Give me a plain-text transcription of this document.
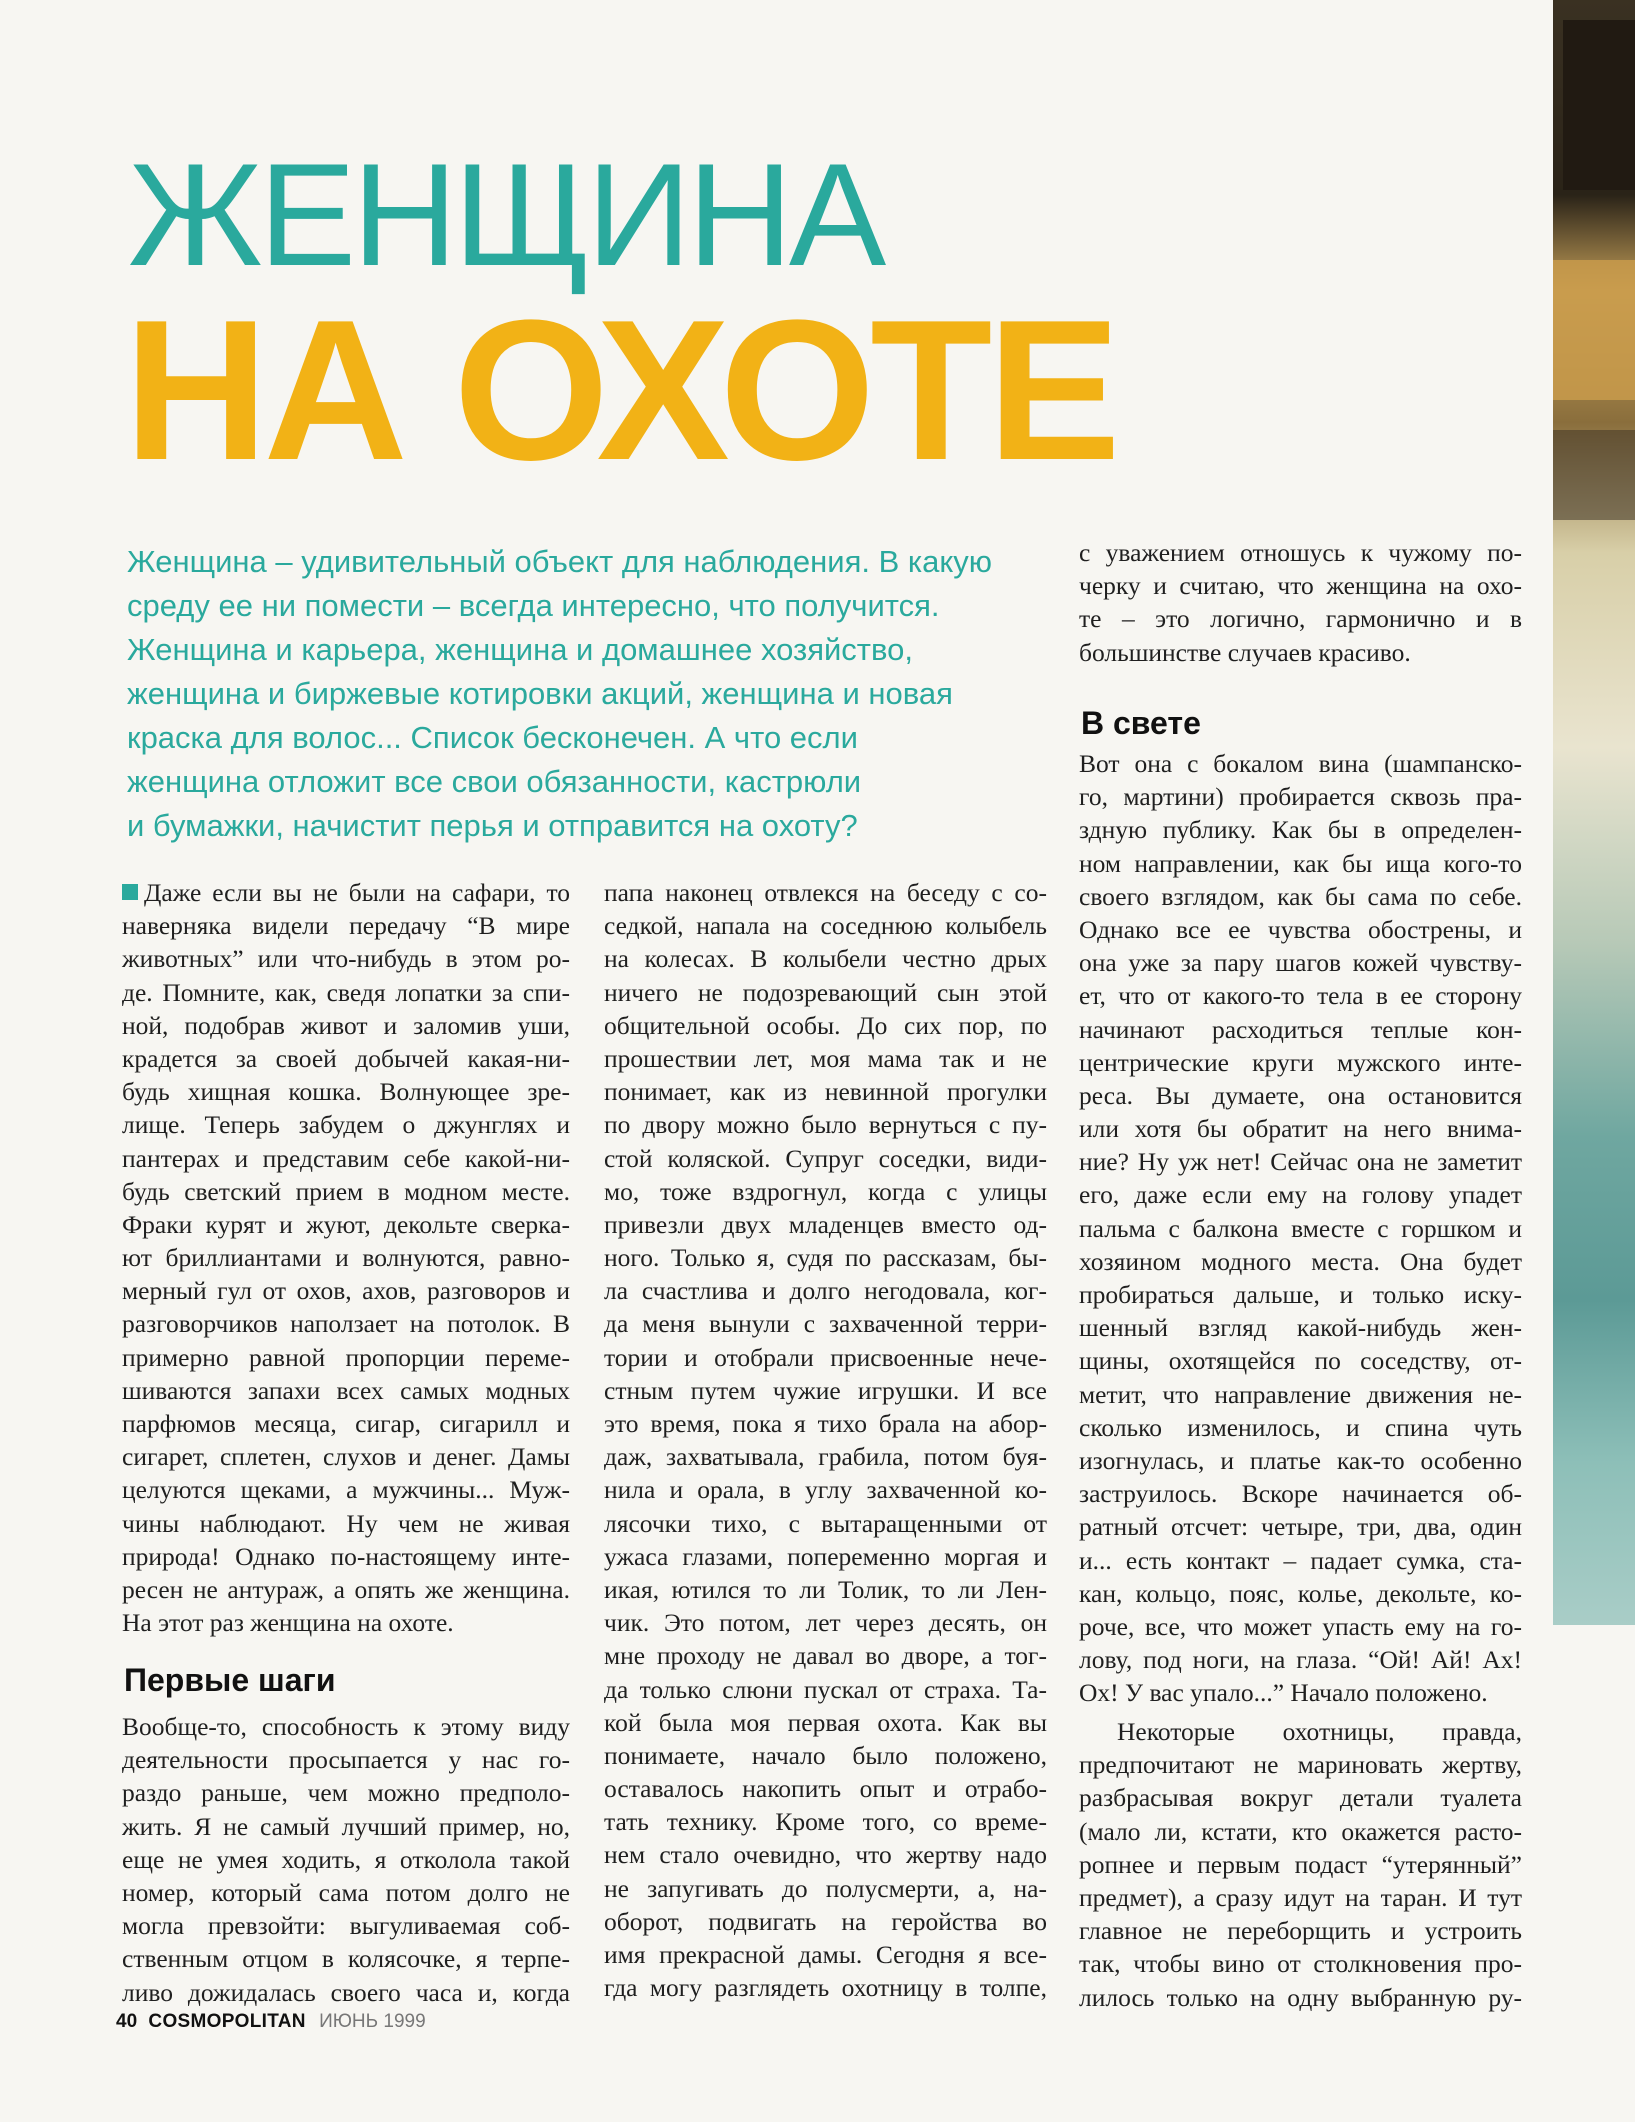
ЖЕНЩИНА
НА ОХОТЕ
Женщина – удивительный объект для наблюдения. В какую
среду ее ни помести – всегда интересно, что получится.
Женщина и карьера, женщина и домашнее хозяйство,
женщина и биржевые котировки акций, женщина и новая
краска для волос... Список бесконечен. А что если
женщина отложит все свои обязанности, кастрюли
и бумажки, начистит перья и отправится на охоту?
Даже если вы не были на сафари, то
наверняка видели передачу “В мире
животных” или что-нибудь в этом ро-
де. Помните, как, сведя лопатки за спи-
ной, подобрав живот и заломив уши,
крадется за своей добычей какая-ни-
будь хищная кошка. Волнующее зре-
лище. Теперь забудем о джунглях и
пантерах и представим себе какой-ни-
будь светский прием в модном месте.
Фраки курят и жуют, декольте сверка-
ют бриллиантами и волнуются, равно-
мерный гул от охов, ахов, разговоров и
разговорчиков наползает на потолок. В
примерно равной пропорции переме-
шиваются запахи всех самых модных
парфюмов месяца, сигар, сигарилл и
сигарет, сплетен, слухов и денег. Дамы
целуются щеками, а мужчины... Муж-
чины наблюдают. Ну чем не живая
природа! Однако по-настоящему инте-
ресен не антураж, а опять же женщина.
На этот раз женщина на охоте.
Первые шаги
Вообще-то, способность к этому виду
деятельности просыпается у нас го-
раздо раньше, чем можно предполо-
жить. Я не самый лучший пример, но,
еще не умея ходить, я отколола такой
номер, который сама потом долго не
могла превзойти: выгуливаемая соб-
ственным отцом в колясочке, я терпе-
ливо дожидалась своего часа и, когда
папа наконец отвлекся на беседу с со-
седкой, напала на соседнюю колыбель
на колесах. В колыбели честно дрых
ничего не подозревающий сын этой
общительной особы. До сих пор, по
прошествии лет, моя мама так и не
понимает, как из невинной прогулки
по двору можно было вернуться с пу-
стой коляской. Супруг соседки, види-
мо, тоже вздрогнул, когда с улицы
привезли двух младенцев вместо од-
ного. Только я, судя по рассказам, бы-
ла счастлива и долго негодовала, ког-
да меня вынули с захваченной терри-
тории и отобрали присвоенные нече-
стным путем чужие игрушки. И все
это время, пока я тихо брала на абор-
даж, захватывала, грабила, потом буя-
нила и орала, в углу захваченной ко-
лясочки тихо, с вытаращенными от
ужаса глазами, попеременно моргая и
икая, ютился то ли Толик, то ли Лен-
чик. Это потом, лет через десять, он
мне проходу не давал во дворе, а тог-
да только слюни пускал от страха. Та-
кой была моя первая охота. Как вы
понимаете, начало было положено,
оставалось накопить опыт и отрабо-
тать технику. Кроме того, со време-
нем стало очевидно, что жертву надо
не запугивать до полусмерти, а, на-
оборот, подвигать на геройства во
имя прекрасной дамы. Сегодня я все-
гда могу разглядеть охотницу в толпе,
с уважением отношусь к чужому по-
черку и считаю, что женщина на охо-
те – это логично, гармонично и в
большинстве случаев красиво.
В свете
Вот она с бокалом вина (шампанско-
го, мартини) пробирается сквозь пра-
здную публику. Как бы в определен-
ном направлении, как бы ища кого-то
своего взглядом, как бы сама по себе.
Однако все ее чувства обострены, и
она уже за пару шагов кожей чувству-
ет, что от какого-то тела в ее сторону
начинают расходиться теплые кон-
центрические круги мужского инте-
реса. Вы думаете, она остановится
или хотя бы обратит на него внима-
ние? Ну уж нет! Сейчас она не заметит
его, даже если ему на голову упадет
пальма с балкона вместе с горшком и
хозяином модного места. Она будет
пробираться дальше, и только иску-
шенный взгляд какой-нибудь жен-
щины, охотящейся по соседству, от-
метит, что направление движения не-
сколько изменилось, и спина чуть
изогнулась, и платье как-то особенно
заструилось. Вскоре начинается об-
ратный отсчет: четыре, три, два, один
и... есть контакт – падает сумка, ста-
кан, кольцо, пояс, колье, декольте, ко-
роче, все, что может упасть ему на го-
лову, под ноги, на глаза. “Ой! Ай! Ах!
Ох! У вас упало...” Начало положено.
Некоторые охотницы, правда,
предпочитают не мариновать жертву,
разбрасывая вокруг детали туалета
(мало ли, кстати, кто окажется расто-
ропнее и первым подаст “утерянный”
предмет), а сразу идут на таран. И тут
главное не переборщить и устроить
так, чтобы вино от столкновения про-
лилось только на одну выбранную ру-
40 COSMOPOLITAN ИЮНЬ 1999
